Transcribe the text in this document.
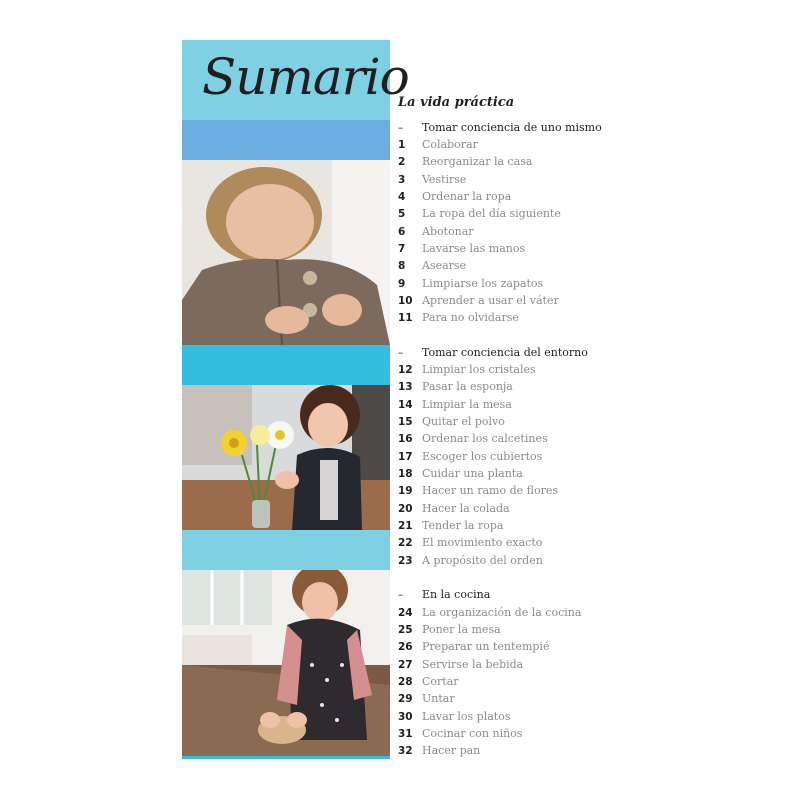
Sumario
La vida práctica
– Tomar conciencia de uno mismo
1 Colaborar
2 Reorganizar la casa
3 Vestirse
4 Ordenar la ropa
5 La ropa del día siguiente
6 Abotonar
7 Lavarse las manos
8 Asearse
9 Limpiarse los zapatos
10 Aprender a usar el váter
11 Para no olvidarse
– Tomar conciencia del entorno
12 Limpiar los cristales
13 Pasar la esponja
14 Limpiar la mesa
15 Quitar el polvo
16 Ordenar los calcetines
17 Escoger los cubiertos
18 Cuidar una planta
19 Hacer un ramo de flores
20 Hacer la colada
21 Tender la ropa
22 El movimiento exacto
23 A propósito del orden
– En la cocina
24 La organización de la cocina
25 Poner la mesa
26 Preparar un tentempié
27 Servirse la bebida
28 Cortar
29 Untar
30 Lavar los platos
31 Cocinar con niños
32 Hacer pan
